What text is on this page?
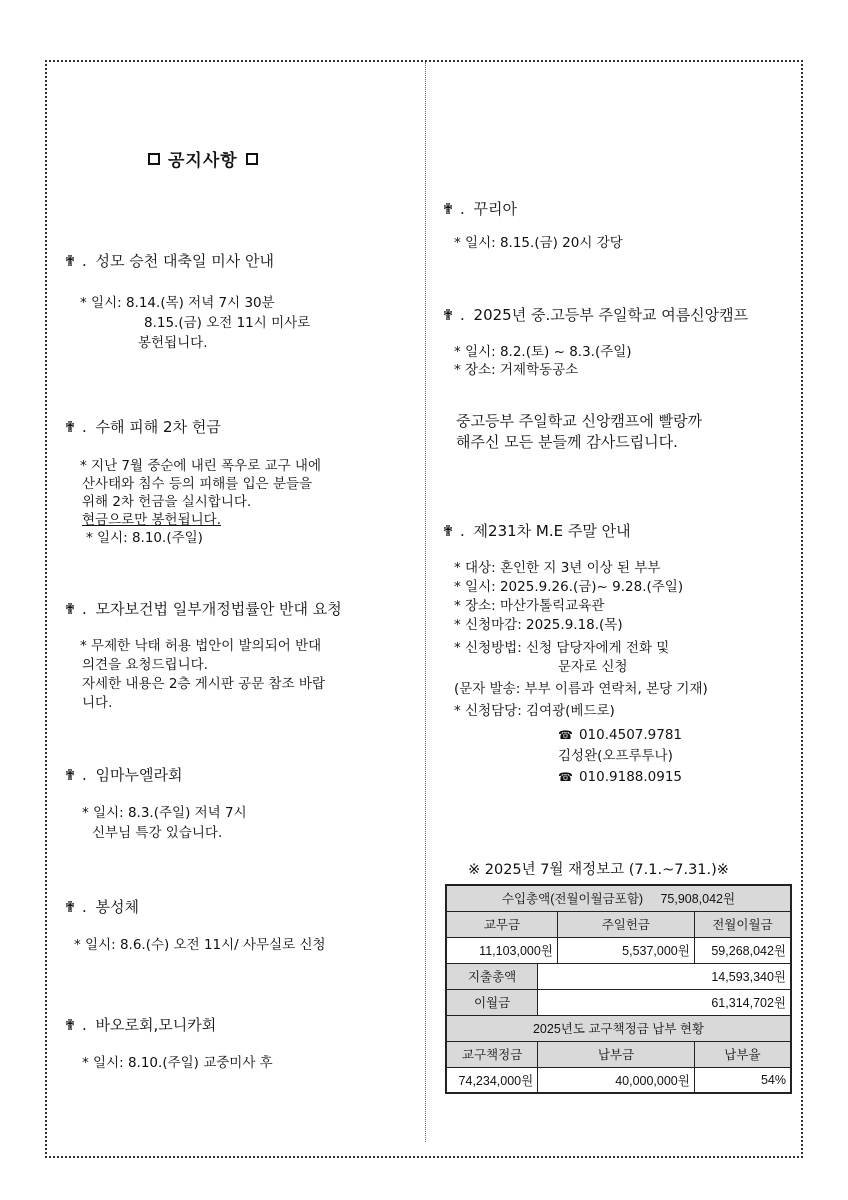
공지사항
✟ . 성모 승천 대축일 미사 안내
* 일시: 8.14.(목) 저녁 7시 30분
8.15.(금) 오전 11시 미사로
봉헌됩니다.
✟ . 수해 피해 2차 헌금
* 지난 7월 중순에 내린 폭우로 교구 내에
산사태와 침수 등의 피해를 입은 분들을
위해 2차 헌금을 실시합니다.
현금으로만 봉헌됩니다.
* 일시: 8.10.(주일)
✟ . 모자보건법 일부개정법률안 반대 요청
* 무제한 낙태 허용 법안이 발의되어 반대
의견을 요청드립니다.
자세한 내용은 2층 게시판 공문 참조 바랍
니다.
✟ . 임마누엘라회
* 일시: 8.3.(주일) 저녁 7시
신부님 특강 있습니다.
✟ . 봉성체
* 일시: 8.6.(수) 오전 11시/ 사무실로 신청
✟ . 바오로회,모니카회
* 일시: 8.10.(주일) 교중미사 후
✟ . 꾸리아
* 일시: 8.15.(금) 20시 강당
✟ . 2025년 중.고등부 주일학교 여름신앙캠프
* 일시: 8.2.(토) ~ 8.3.(주일)
* 장소: 거제학동공소
중고등부 주일학교 신앙캠프에 빨랑까
해주신 모든 분들께 감사드립니다.
✟ . 제231차 M.E 주말 안내
* 대상: 혼인한 지 3년 이상 된 부부
* 일시: 2025.9.26.(금)~ 9.28.(주일)
* 장소: 마산가톨릭교육관
* 신청마감: 2025.9.18.(목)
* 신청방법: 신청 담당자에게 전화 및
문자로 신청
(문자 발송: 부부 이름과 연락처, 본당 기재)
* 신청담당: 김여광(베드로)
☎ 010.4507.9781
김성완(오프루투나)
☎ 010.9188.0915
※ 2025년 7월 재정보고 (7.1.~7.31.)※
수입총액(전월이월금포함) 75,908,042원			
교무금		주일헌금	전월이월금
11,103,000원		5,537,000원	59,268,042원
지출총액	14,593,340원		
이월금	61,314,702원		
2025년도 교구책정금 납부 현황			
교구책정금	납부금		납부율
74,234,000원	40,000,000원		54%
